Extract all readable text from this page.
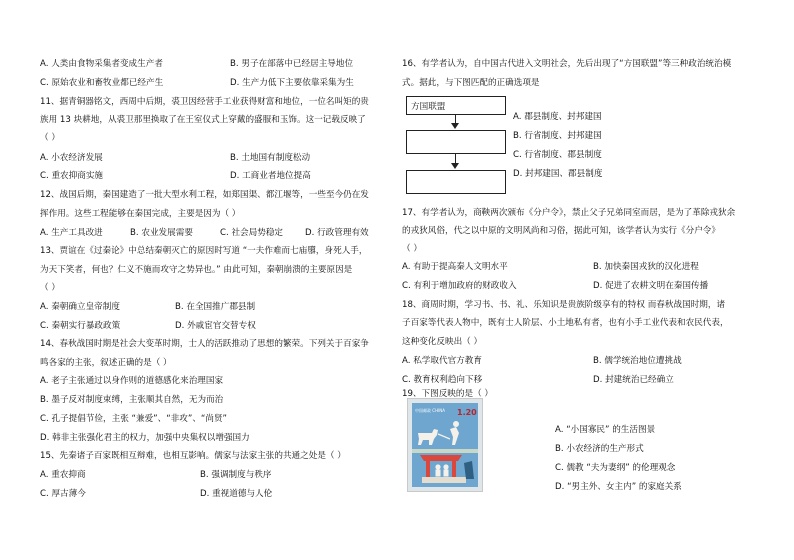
A. 人类由食物采集者变成生产者	B. 男子在部落中已经居主导地位
C. 原始农业和畜牧业都已经产生	D. 生产力低下主要依靠采集为生
11、据青铜器铭文，西周中后期，裘卫因经营手工业获得财富和地位，一位名叫矩的贵
族用 13 块耕地，从裘卫那里换取了在王室仪式上穿戴的盛服和玉饰。这一记载反映了
（ ）
A. 小农经济发展	B. 土地国有制度松动
C. 重农抑商实施	D. 工商业者地位提高
12、战国后期，秦国建造了一批大型水利工程，如郑国渠、都江堰等，一些至今仍在发
挥作用。这些工程能够在秦国完成，主要是因为（ ）
A. 生产工具改进	B. 农业发展需要	C. 社会局势稳定	D. 行政管理有效
13、贾谊在《过秦论》中总结秦朝灭亡的原因时写道 “一夫作难而七庙隳，身死人手，
为天下笑者，何也？仁义不施而攻守之势异也。” 由此可知，秦朝崩溃的主要原因是
（ ）
A. 秦朝确立皇帝制度	B. 在全国推广郡县制
C. 秦朝实行暴政政策	D. 外戚宦官交替专权
14、春秋战国时期是社会大变革时期，士人的活跃推动了思想的繁荣。下列关于百家争
鸣各家的主张，叙述正确的是（ ）
A. 老子主张通过以身作则的道德感化来治理国家
B. 墨子反对制度束缚，主张顺其自然，无为而治
C. 孔子提倡节俭，主张 “兼爱”、“非攻”、“尚贤”
D. 韩非主张强化君主的权力，加强中央集权以增强国力
15、先秦诸子百家既相互辩难，也相互影响。儒家与法家主张的共通之处是（ ）
A. 重农抑商	B. 强调制度与秩序
C. 厚古薄今	D. 重视道德与人伦
16、有学者认为，自中国古代进入文明社会，先后出现了“方国联盟”等三种政治统治模
式。据此，与下图匹配的正确选项是
方国联盟
A. 郡县制度、封邦建国
B. 行省制度、封邦建国
C. 行省制度、郡县制度
D. 封邦建国、郡县制度
17、有学者认为，商鞅两次颁布《分户令》，禁止父子兄弟同室而居，是为了革除戎狄余
的戎狄风俗，代之以中原的文明风尚和习俗，据此可知，该学者认为实行《分户令》
（ ）
A. 有助于提高秦人文明水平	B. 加快秦国戎狄的汉化进程
C. 有利于增加政府的财政收入	D. 促进了农耕文明在秦国传播
18、商周时期，学习书、书、礼、乐知识是贵族阶级享有的特权 而春秋战国时期，诸
子百家等代表人物中，既有士人阶层、小土地私有者，也有小手工业代表和农民代表，
这种变化反映出（ ）
A. 私学取代官方教育	B. 儒学统治地位遭挑战
C. 教育权利趋向下移	D. 封建统治已经确立
19、下图反映的是（ ）
中国邮政 CHINA 1.20
A. “小国寡民” 的生活图景
B. 小农经济的生产形式
C. 儒教 “夫为妻纲” 的伦理观念
D. “男主外、女主内” 的家庭关系
